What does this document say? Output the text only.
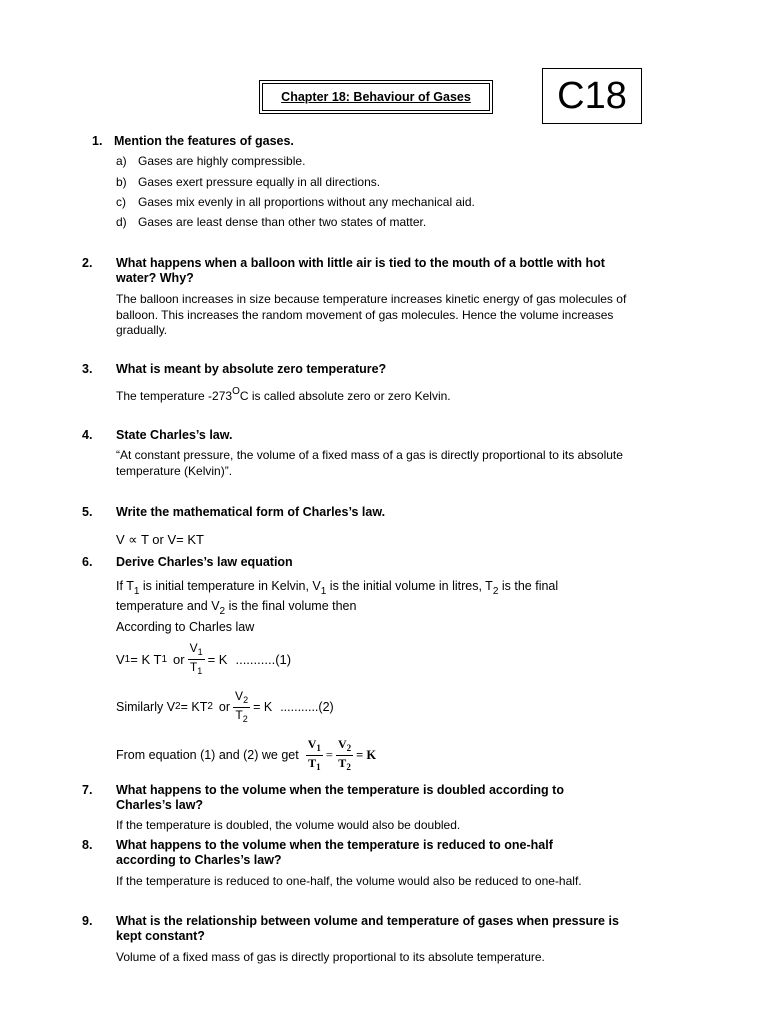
Chapter 18: Behaviour of Gases	C18
1. Mention the features of gases.
a) Gases are highly compressible.
b) Gases exert pressure equally in all directions.
c) Gases mix evenly in all proportions without any mechanical aid.
d) Gases are least dense than other two states of matter.
2. What happens when a balloon with little air is tied to the mouth of a bottle with hot water? Why?
The balloon increases in size because temperature increases kinetic energy of gas molecules of balloon. This increases the random movement of gas molecules. Hence the volume increases gradually.
3. What is meant by absolute zero temperature?
The temperature $-273^OC$ is called absolute zero or zero Kelvin.
4. State Charles’s law.
“At constant pressure, the volume of a fixed mass of a gas is directly proportional to its absolute temperature (Kelvin)”.
5. Write the mathematical form of Charles’s law.
V ∝ T or V= KT
6. Derive Charles’s law equation
If $T_1$ is initial temperature in Kelvin, $V_1$ is the initial volume in litres, $T_2$ is the final
temperature and $V_2$ is the final volume then
According to Charles law
V 1 = K T 1 or $\frac{V_1}{T_1} = K$ ...........(1)
Similarly V 2 = KT 2 or $\frac{V_2}{T_2} = K$ ...........(2)
From equation (1) and (2) we get $\frac{V_1}{T_1} = \frac{V_2}{T_2} = K$
7. What happens to the volume when the temperature is doubled according to Charles’s law?
If the temperature is doubled, the volume would also be doubled.
8. What happens to the volume when the temperature is reduced to one-half according to Charles’s law?
If the temperature is reduced to one-half, the volume would also be reduced to one-half.
9. What is the relationship between volume and temperature of gases when pressure is kept constant?
Volume of a fixed mass of gas is directly proportional to its absolute temperature.
